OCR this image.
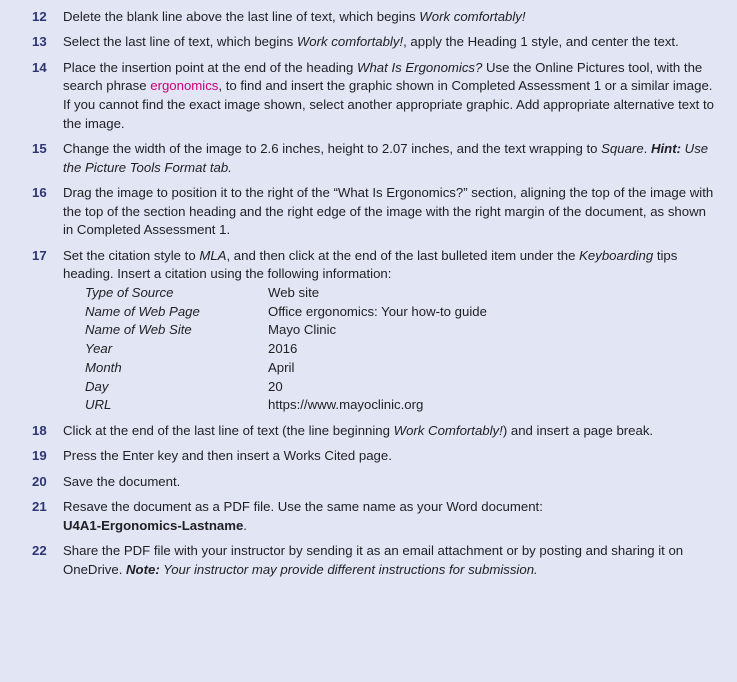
12	Delete the blank line above the last line of text, which begins Work comfortably!
13	Select the last line of text, which begins Work comfortably!, apply the Heading 1 style, and center the text.
14	Place the insertion point at the end of the heading What Is Ergonomics? Use the Online Pictures tool, with the search phrase ergonomics, to find and insert the graphic shown in Completed Assessment 1 or a similar image. If you cannot find the exact image shown, select another appropriate graphic. Add appropriate alternative text to the image.
15	Change the width of the image to 2.6 inches, height to 2.07 inches, and the text wrapping to Square. Hint: Use the Picture Tools Format tab.
16	Drag the image to position it to the right of the “What Is Ergonomics?” section, aligning the top of the image with the top of the section heading and the right edge of the image with the right margin of the document, as shown in Completed Assessment 1.
17	Set the citation style to MLA, and then click at the end of the last bulleted item under the Keyboarding tips heading. Insert a citation using the following information:
Type of Source	Web site
Name of Web Page	Office ergonomics: Your how-to guide
Name of Web Site	Mayo Clinic
Year	2016
Month	April
Day	20
URL	https://www.mayoclinic.org
18	Click at the end of the last line of text (the line beginning Work Comfortably!) and insert a page break.
19	Press the Enter key and then insert a Works Cited page.
20	Save the document.
21	Resave the document as a PDF file. Use the same name as your Word document:
U4A1-Ergonomics-Lastname.
22	Share the PDF file with your instructor by sending it as an email attachment or by posting and sharing it on OneDrive. Note: Your instructor may provide different instructions for submission.
